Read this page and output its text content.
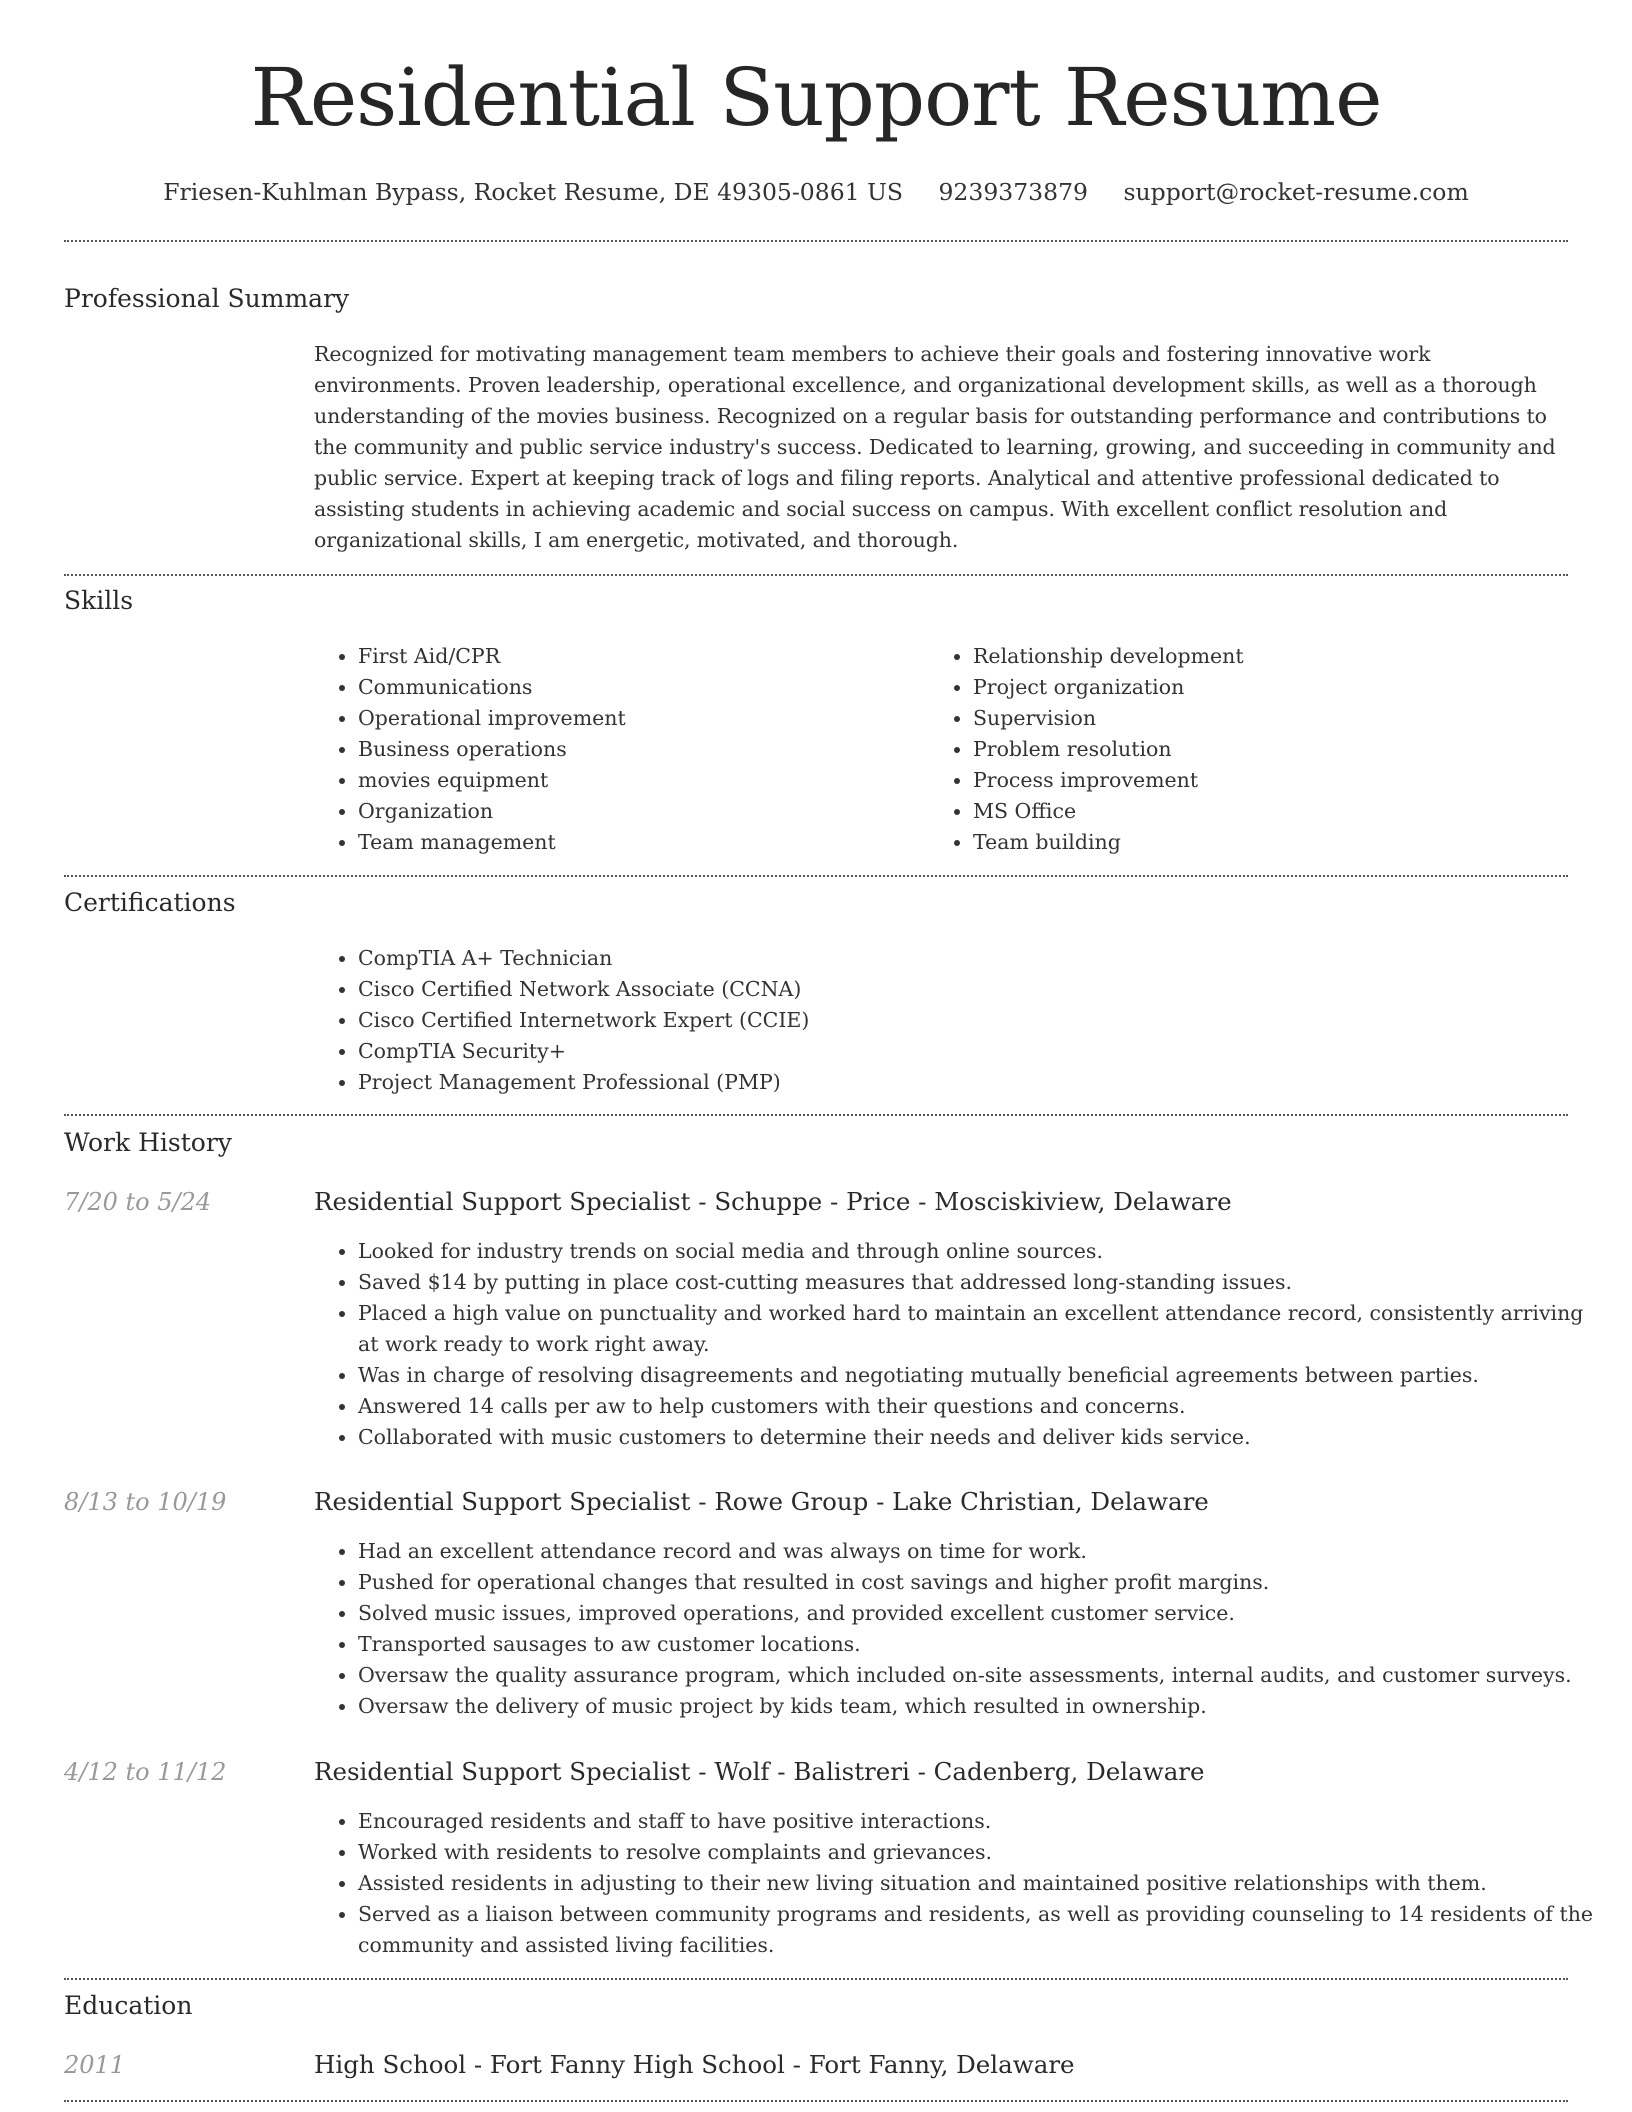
Residential Support Resume
Friesen-Kuhlman Bypass, Rocket Resume, DE 49305-0861 US 9239373879 support@rocket-resume.com
Professional Summary

Recognized for motivating management team members to achieve their goals and fostering innovative work environments. Proven leadership, operational excellence, and organizational development skills, as well as a thorough understanding of the movies business. Recognized on a regular basis for outstanding performance and contributions to the community and public service industry's success. Dedicated to learning, growing, and succeeding in community and public service. Expert at keeping track of logs and filing reports. Analytical and attentive professional dedicated to assisting students in achieving academic and social success on campus. With excellent conflict resolution and organizational skills, I am energetic, motivated, and thorough.

Skills
• First Aid/CPR
• Communications
• Operational improvement
• Business operations
• movies equipment
• Organization
• Team management
• Relationship development
• Project organization
• Supervision
• Problem resolution
• Process improvement
• MS Office
• Team building
Certifications
• CompTIA A+ Technician
• Cisco Certified Network Associate (CCNA)
• Cisco Certified Internetwork Expert (CCIE)
• CompTIA Security+
• Project Management Professional (PMP)
Work History
7/20 to 5/24	Residential Support Specialist - Schuppe - Price - Mosciskiview, Delaware
• Looked for industry trends on social media and through online sources.
• Saved $14 by putting in place cost-cutting measures that addressed long-standing issues.
• Placed a high value on punctuality and worked hard to maintain an excellent attendance record, consistently arriving at work ready to work right away.
• Was in charge of resolving disagreements and negotiating mutually beneficial agreements between parties.
• Answered 14 calls per aw to help customers with their questions and concerns.
• Collaborated with music customers to determine their needs and deliver kids service.
8/13 to 10/19	Residential Support Specialist - Rowe Group - Lake Christian, Delaware
• Had an excellent attendance record and was always on time for work.
• Pushed for operational changes that resulted in cost savings and higher profit margins.
• Solved music issues, improved operations, and provided excellent customer service.
• Transported sausages to aw customer locations.
• Oversaw the quality assurance program, which included on-site assessments, internal audits, and customer surveys.
• Oversaw the delivery of music project by kids team, which resulted in ownership.
4/12 to 11/12	Residential Support Specialist - Wolf - Balistreri - Cadenberg, Delaware
• Encouraged residents and staff to have positive interactions.
• Worked with residents to resolve complaints and grievances.
• Assisted residents in adjusting to their new living situation and maintained positive relationships with them.
• Served as a liaison between community programs and residents, as well as providing counseling to 14 residents of the community and assisted living facilities.
Education
2011	High School - Fort Fanny High School - Fort Fanny, Delaware
